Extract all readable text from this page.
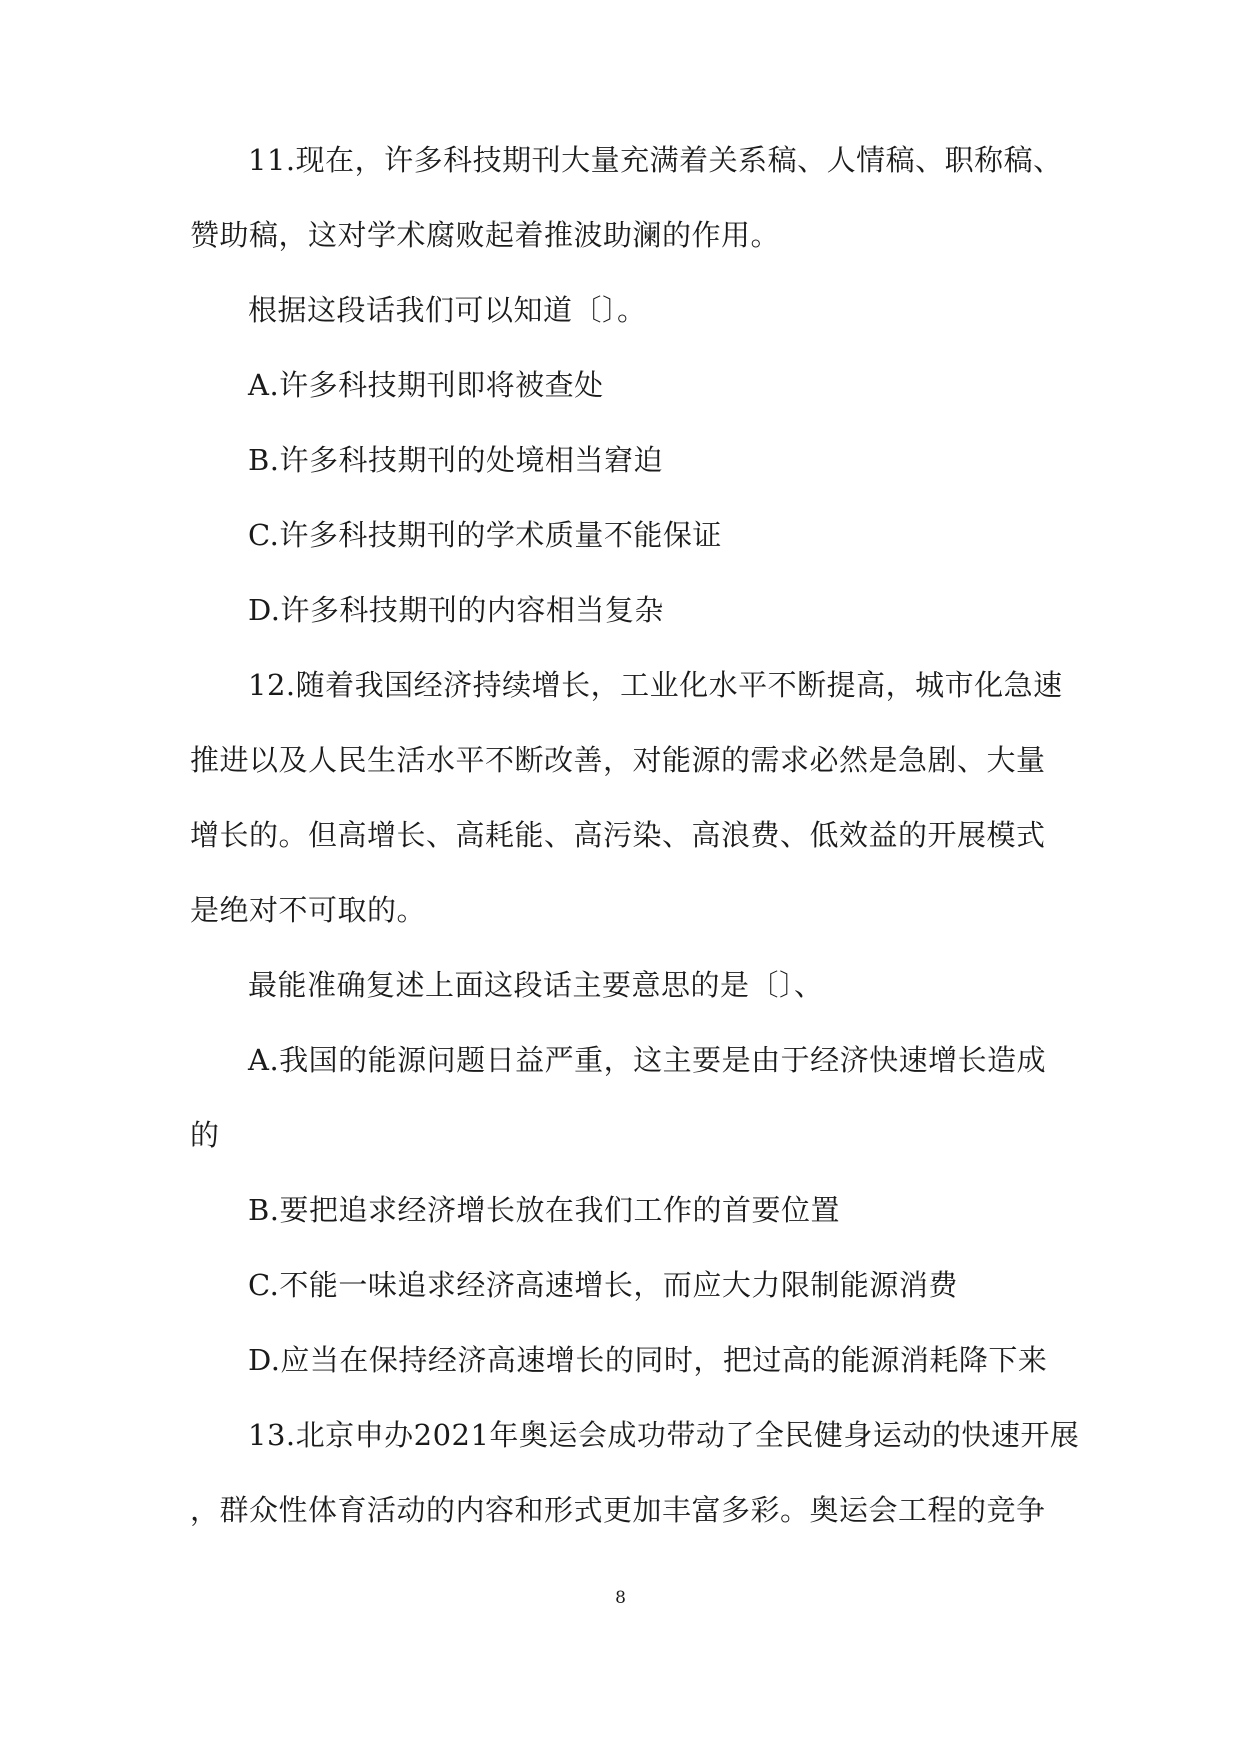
11.现在，许多科技期刊大量充满着关系稿、人情稿、职称稿、
赞助稿，这对学术腐败起着推波助澜的作用。
根据这段话我们可以知道〔〕。
A.许多科技期刊即将被查处
B.许多科技期刊的处境相当窘迫
C.许多科技期刊的学术质量不能保证
D.许多科技期刊的内容相当复杂
12.随着我国经济持续增长，工业化水平不断提高，城市化急速
推进以及人民生活水平不断改善，对能源的需求必然是急剧、大量
增长的。但高增长、高耗能、高污染、高浪费、低效益的开展模式
是绝对不可取的。
最能准确复述上面这段话主要意思的是〔〕、
A.我国的能源问题日益严重，这主要是由于经济快速增长造成
的
B.要把追求经济增长放在我们工作的首要位置
C.不能一味追求经济高速增长，而应大力限制能源消费
D.应当在保持经济高速增长的同时，把过高的能源消耗降下来
13.北京申办2021年奥运会成功带动了全民健身运动的快速开展
，群众性体育活动的内容和形式更加丰富多彩。奥运会工程的竞争
8
